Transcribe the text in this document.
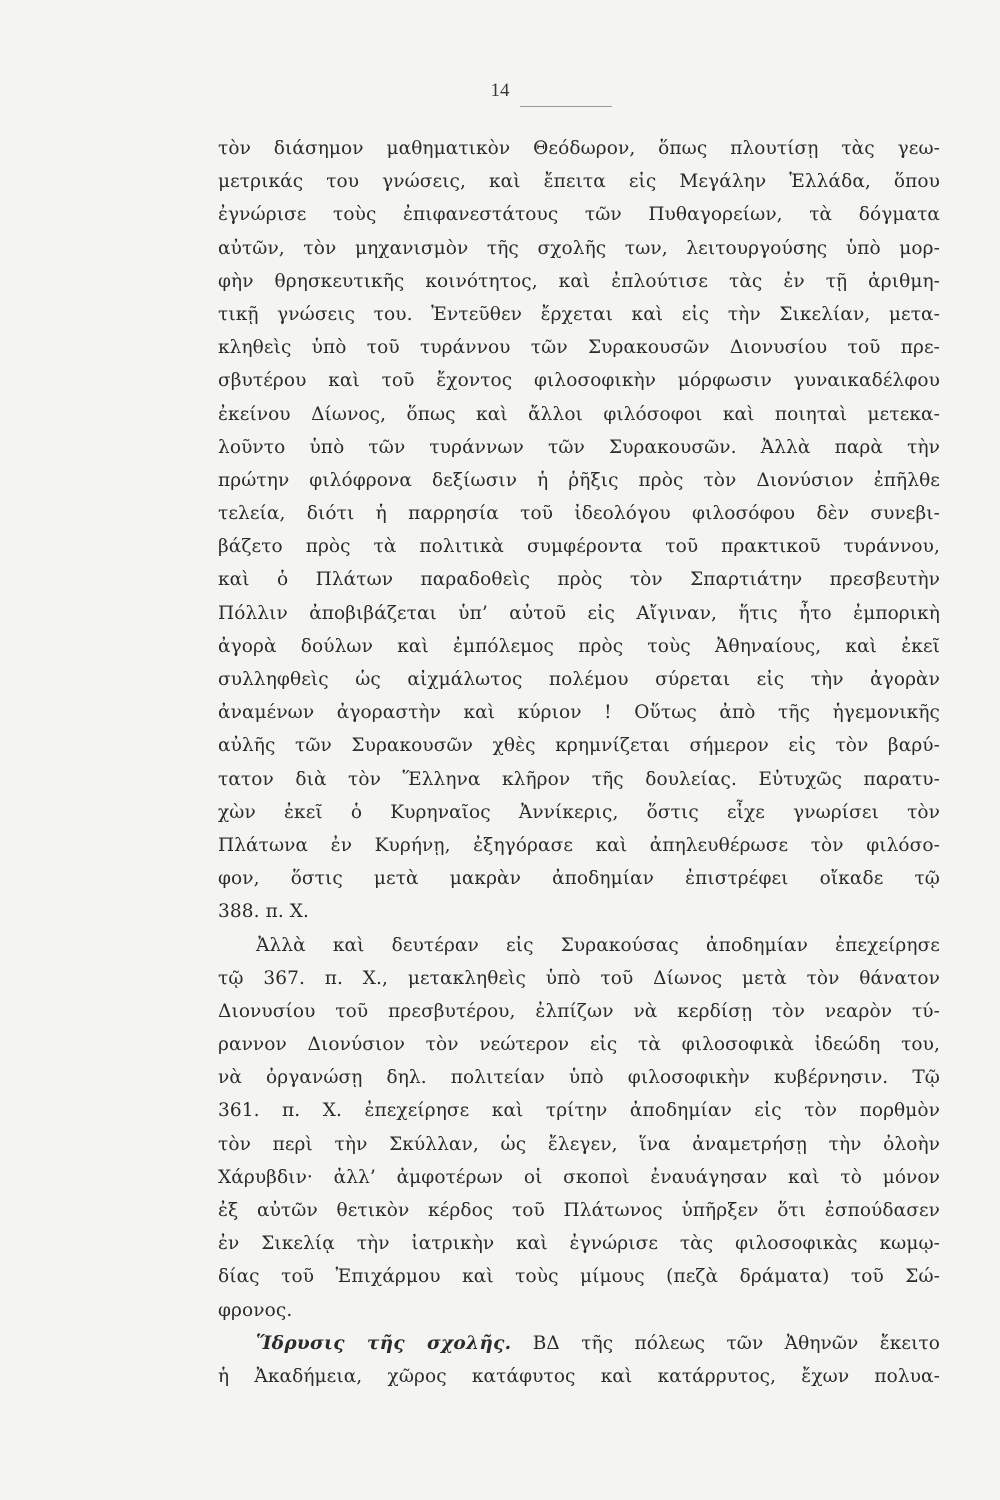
14
τὸν διάσημον μαθηματικὸν Θεόδωρον, ὅπως πλουτίσῃ τὰς γεω-
μετρικάς του γνώσεις, καὶ ἔπειτα εἰς Μεγάλην Ἑλλάδα, ὅπου
ἐγνώρισε τοὺς ἐπιφανεστάτους τῶν Πυθαγορείων, τὰ δόγματα
αὐτῶν, τὸν μηχανισμὸν τῆς σχολῆς των, λειτουργούσης ὑπὸ μορ-
φὴν θρησκευτικῆς κοινότητος, καὶ ἐπλούτισε τὰς ἐν τῇ ἀριθμη-
τικῇ γνώσεις του. Ἐντεῦθεν ἔρχεται καὶ εἰς τὴν Σικελίαν, μετα-
κληθεὶς ὑπὸ τοῦ τυράννου τῶν Συρακουσῶν Διονυσίου τοῦ πρε-
σβυτέρου καὶ τοῦ ἔχοντος φιλοσοφικὴν μόρφωσιν γυναικαδέλφου
ἐκείνου Δίωνος, ὅπως καὶ ἄλλοι φιλόσοφοι καὶ ποιηταὶ μετεκα-
λοῦντο ὑπὸ τῶν τυράννων τῶν Συρακουσῶν. Ἀλλὰ παρὰ τὴν
πρώτην φιλόφρονα δεξίωσιν ἡ ῥῆξις πρὸς τὸν Διονύσιον ἐπῆλθε
τελεία, διότι ἡ παρρησία τοῦ ἰδεολόγου φιλοσόφου δὲν συνεβι-
βάζετο πρὸς τὰ πολιτικὰ συμφέροντα τοῦ πρακτικοῦ τυράννου,
καὶ ὁ Πλάτων παραδοθεὶς πρὸς τὸν Σπαρτιάτην πρεσβευτὴν
Πόλλιν ἀποβιβάζεται ὑπ’ αὐτοῦ εἰς Αἴγιναν, ἥτις ἦτο ἐμπορικὴ
ἀγορὰ δούλων καὶ ἐμπόλεμος πρὸς τοὺς Ἀθηναίους, καὶ ἐκεῖ
συλληφθεὶς ὡς αἰχμάλωτος πολέμου σύρεται εἰς τὴν ἀγορὰν
ἀναμένων ἀγοραστὴν καὶ κύριον ! Οὕτως ἀπὸ τῆς ἡγεμονικῆς
αὐλῆς τῶν Συρακουσῶν χθὲς κρημνίζεται σήμερον εἰς τὸν βαρύ-
τατον διὰ τὸν Ἕλληνα κλῆρον τῆς δουλείας. Εὐτυχῶς παρατυ-
χὼν ἐκεῖ ὁ Κυρηναῖος Ἀννίκερις, ὅστις εἶχε γνωρίσει τὸν
Πλάτωνα ἐν Κυρήνῃ, ἐξηγόρασε καὶ ἀπηλευθέρωσε τὸν φιλόσο-
φον, ὅστις μετὰ μακρὰν ἀποδημίαν ἐπιστρέφει οἴκαδε τῷ
388. π. Χ.
Ἀλλὰ καὶ δευτέραν εἰς Συρακούσας ἀποδημίαν ἐπεχείρησε
τῷ 367. π. Χ., μετακληθεὶς ὑπὸ τοῦ Δίωνος μετὰ τὸν θάνατον
Διονυσίου τοῦ πρεσβυτέρου, ἐλπίζων νὰ κερδίσῃ τὸν νεαρὸν τύ-
ραννον Διονύσιον τὸν νεώτερον εἰς τὰ φιλοσοφικὰ ἰδεώδη του,
νὰ ὀργανώσῃ δηλ. πολιτείαν ὑπὸ φιλοσοφικὴν κυβέρνησιν. Τῷ
361. π. Χ. ἐπεχείρησε καὶ τρίτην ἀποδημίαν εἰς τὸν πορθμὸν
τὸν περὶ τὴν Σκύλλαν, ὡς ἔλεγεν, ἵνα ἀναμετρήσῃ τὴν ὀλοὴν
Χάρυβδιν· ἀλλ’ ἀμφοτέρων οἱ σκοποὶ ἐναυάγησαν καὶ τὸ μόνον
ἐξ αὐτῶν θετικὸν κέρδος τοῦ Πλάτωνος ὑπῆρξεν ὅτι ἐσπούδασεν
ἐν Σικελίᾳ τὴν ἰατρικὴν καὶ ἐγνώρισε τὰς φιλοσοφικὰς κωμῳ-
δίας τοῦ Ἐπιχάρμου καὶ τοὺς μίμους (πεζὰ δράματα) τοῦ Σώ-
φρονος.
Ἵδρυσις τῆς σχολῆς. ΒΔ τῆς πόλεως τῶν Ἀθηνῶν ἔκειτο
ἡ Ἀκαδήμεια, χῶρος κατάφυτος καὶ κατάρρυτος, ἔχων πολυα-
